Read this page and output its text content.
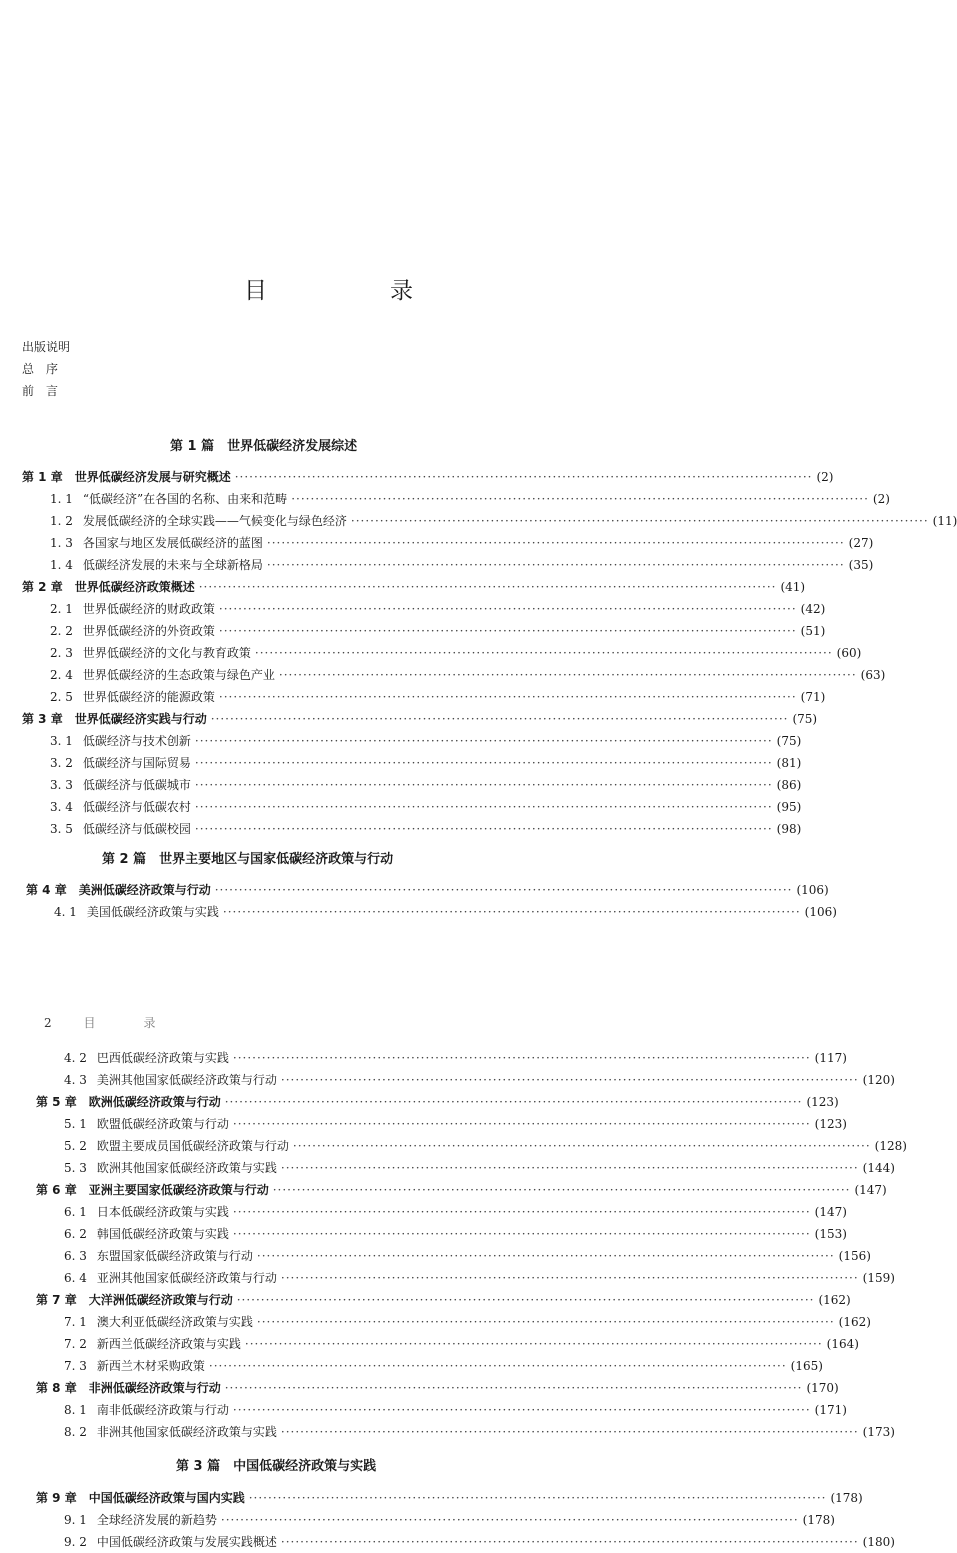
目　录
出版说明
总　序
前　言
第 1 篇　世界低碳经济发展综述
第 1 章 世界低碳经济发展与研究概述 ························································································································ (2)
1. 1 “低碳经济”在各国的名称、由来和范畴 ························································································································ (2)
1. 2 发展低碳经济的全球实践——气候变化与绿色经济 ························································································································ (11)
1. 3 各国家与地区发展低碳经济的蓝图 ························································································································ (27)
1. 4 低碳经济发展的未来与全球新格局 ························································································································ (35)
第 2 章 世界低碳经济政策概述 ························································································································ (41)
2. 1 世界低碳经济的财政政策 ························································································································ (42)
2. 2 世界低碳经济的外资政策 ························································································································ (51)
2. 3 世界低碳经济的文化与教育政策 ························································································································ (60)
2. 4 世界低碳经济的生态政策与绿色产业 ························································································································ (63)
2. 5 世界低碳经济的能源政策 ························································································································ (71)
第 3 章 世界低碳经济实践与行动 ························································································································ (75)
3. 1 低碳经济与技术创新 ························································································································ (75)
3. 2 低碳经济与国际贸易 ························································································································ (81)
3. 3 低碳经济与低碳城市 ························································································································ (86)
3. 4 低碳经济与低碳农村 ························································································································ (95)
3. 5 低碳经济与低碳校园 ························································································································ (98)
第 2 篇　世界主要地区与国家低碳经济政策与行动
第 4 章 美洲低碳经济政策与行动 ························································································································ (106)
4. 1 美国低碳经济政策与实践 ························································································································ (106)
2	目　录
4. 2 巴西低碳经济政策与实践 ························································································································ (117)
4. 3 美洲其他国家低碳经济政策与行动 ························································································································ (120)
第 5 章 欧洲低碳经济政策与行动 ························································································································ (123)
5. 1 欧盟低碳经济政策与行动 ························································································································ (123)
5. 2 欧盟主要成员国低碳经济政策与行动 ························································································································ (128)
5. 3 欧洲其他国家低碳经济政策与实践 ························································································································ (144)
第 6 章 亚洲主要国家低碳经济政策与行动 ························································································································ (147)
6. 1 日本低碳经济政策与实践 ························································································································ (147)
6. 2 韩国低碳经济政策与实践 ························································································································ (153)
6. 3 东盟国家低碳经济政策与行动 ························································································································ (156)
6. 4 亚洲其他国家低碳经济政策与行动 ························································································································ (159)
第 7 章 大洋洲低碳经济政策与行动 ························································································································ (162)
7. 1 澳大利亚低碳经济政策与实践 ························································································································ (162)
7. 2 新西兰低碳经济政策与实践 ························································································································ (164)
7. 3 新西兰木材采购政策 ························································································································ (165)
第 8 章 非洲低碳经济政策与行动 ························································································································ (170)
8. 1 南非低碳经济政策与行动 ························································································································ (171)
8. 2 非洲其他国家低碳经济政策与实践 ························································································································ (173)
第 3 篇　中国低碳经济政策与实践
第 9 章 中国低碳经济政策与国内实践 ························································································································ (178)
9. 1 全球经济发展的新趋势 ························································································································ (178)
9. 2 中国低碳经济政策与发展实践概述 ························································································································ (180)
